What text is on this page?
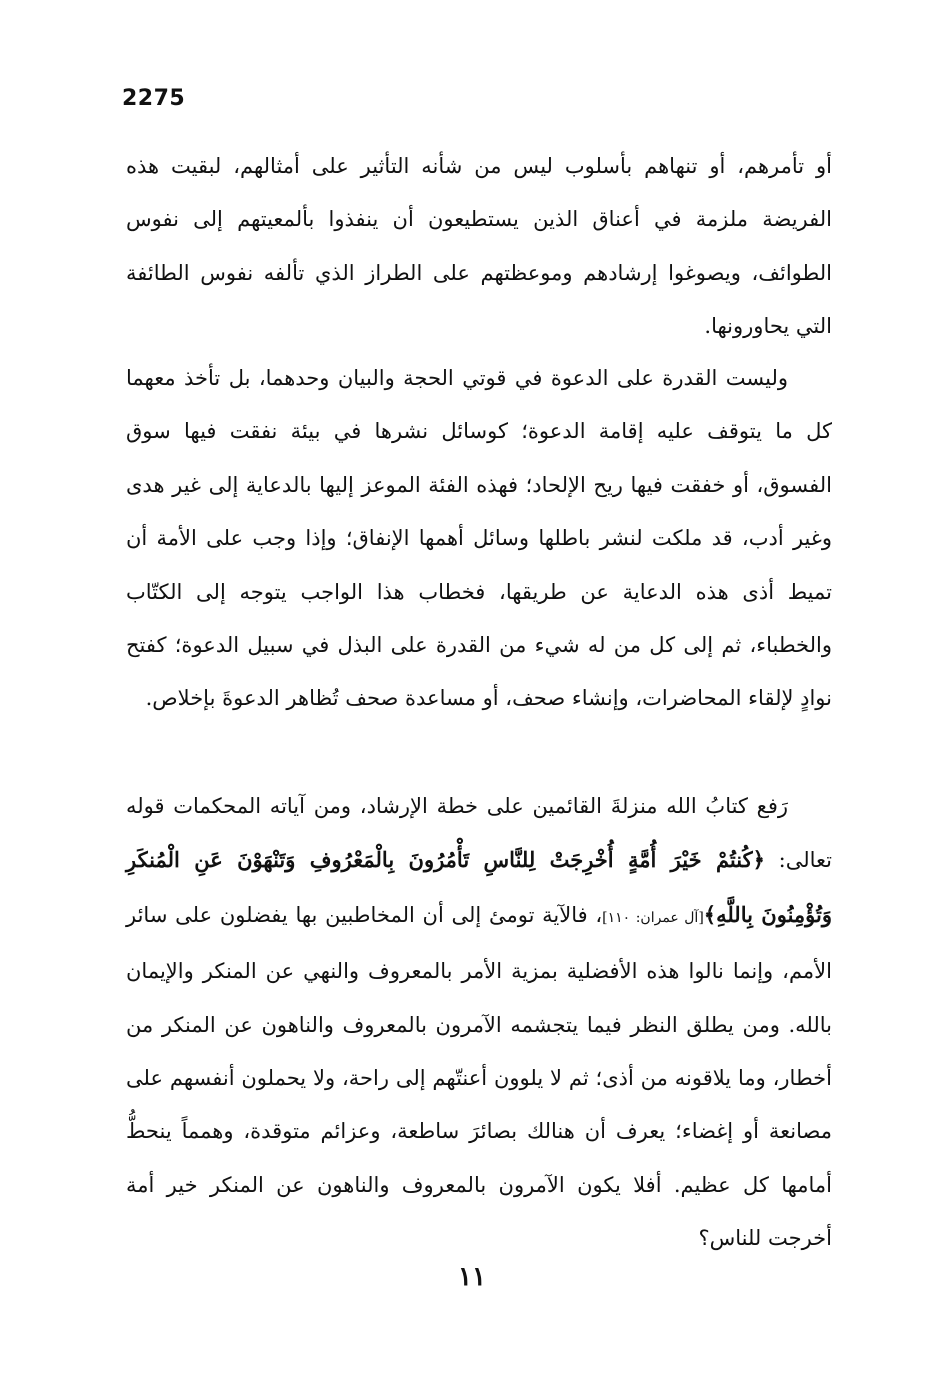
2275
أو تأمرهم، أو تنهاهم بأسلوب ليس من شأنه التأثير على أمثالهم، لبقيت هذه الفريضة ملزمة في أعناق الذين يستطيعون أن ينفذوا بألمعيتهم إلى نفوس الطوائف، ويصوغوا إرشادهم وموعظتهم على الطراز الذي تألفه نفوس الطائفة التي يحاورونها.
وليست القدرة على الدعوة في قوتي الحجة والبيان وحدهما، بل تأخذ معهما كل ما يتوقف عليه إقامة الدعوة؛ كوسائل نشرها في بيئة نفقت فيها سوق الفسوق، أو خفقت فيها ريح الإلحاد؛ فهذه الفئة الموعز إليها بالدعاية إلى غير هدى وغير أدب، قد ملكت لنشر باطلها وسائل أهمها الإنفاق؛ وإذا وجب على الأمة أن تميط أذى هذه الدعاية عن طريقها، فخطاب هذا الواجب يتوجه إلى الكتّاب والخطباء، ثم إلى كل من له شيء من القدرة على البذل في سبيل الدعوة؛ كفتح نوادٍ لإلقاء المحاضرات، وإنشاء صحف، أو مساعدة صحف تُظاهر الدعوةَ بإخلاص.
رَفع كتابُ الله منزلةَ القائمين على خطة الإرشاد، ومن آياته المحكمات قوله تعالى: ﴿كُنتُمْ خَيْرَ أُمَّةٍ أُخْرِجَتْ لِلنَّاسِ تَأْمُرُونَ بِالْمَعْرُوفِ وَتَنْهَوْنَ عَنِ الْمُنكَرِ وَتُؤْمِنُونَ بِاللَّهِ﴾[آل عمران: ١١٠]، فالآية تومئ إلى أن المخاطبين بها يفضلون على سائر الأمم، وإنما نالوا هذه الأفضلية بمزية الأمر بالمعروف والنهي عن المنكر والإيمان بالله. ومن يطلق النظر فيما يتجشمه الآمرون بالمعروف والناهون عن المنكر من أخطار، وما يلاقونه من أذى؛ ثم لا يلوون أعنتّهم إلى راحة، ولا يحملون أنفسهم على مصانعة أو إغضاء؛ يعرف أن هنالك بصائرَ ساطعة، وعزائم متوقدة، وهمماً ينحطُّ أمامها كل عظيم. أفلا يكون الآمرون بالمعروف والناهون عن المنكر خير أمة أخرجت للناس؟
١١
